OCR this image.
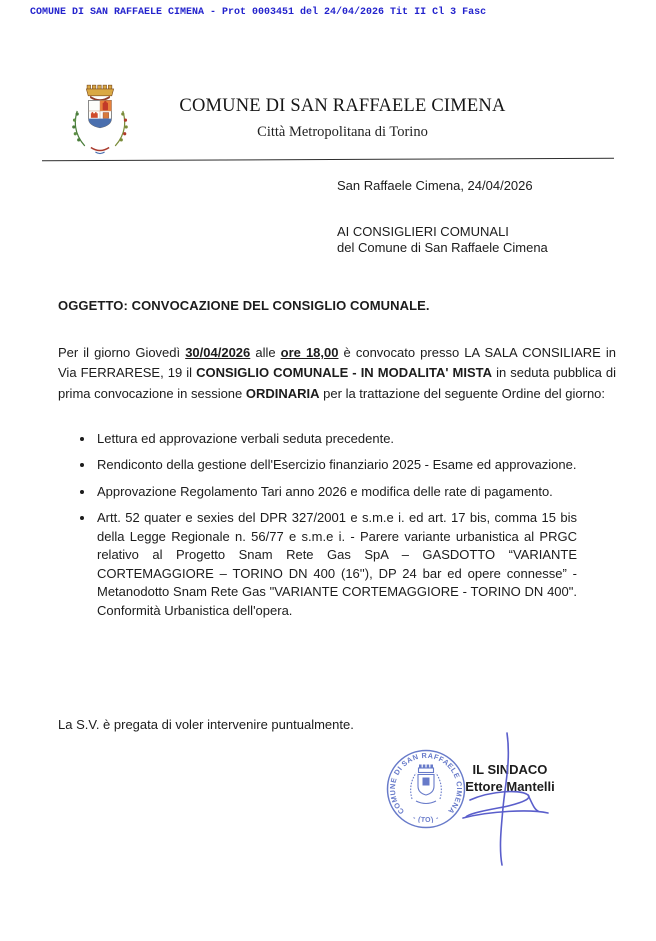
COMUNE DI SAN RAFFAELE CIMENA - Prot 0003451 del 24/04/2026 Tit II Cl 3 Fasc
COMUNE DI SAN RAFFAELE CIMENA
Città Metropolitana di Torino
San Raffaele Cimena, 24/04/2026
AI CONSIGLIERI COMUNALI
del Comune di San Raffaele Cimena
OGGETTO: CONVOCAZIONE DEL CONSIGLIO COMUNALE.

Per il giorno Giovedì 30/04/2026 alle ore 18,00 è convocato presso LA SALA CONSILIARE in Via FERRARESE, 19 il CONSIGLIO COMUNALE - IN MODALITA' MISTA in seduta pubblica di prima convocazione in sessione ORDINARIA per la trattazione del seguente Ordine del giorno:

• Lettura ed approvazione verbali seduta precedente.
• Rendiconto della gestione dell'Esercizio finanziario 2025 - Esame ed approvazione.
• Approvazione Regolamento Tari anno 2026 e modifica delle rate di pagamento.
• Artt. 52 quater e sexies del DPR 327/2001 e s.m.e i. ed art. 17 bis, comma 15 bis della Legge Regionale n. 56/77 e s.m.e i. - Parere variante urbanistica al PRGC relativo al Progetto Snam Rete Gas SpA – GASDOTTO “VARIANTE CORTEMAGGIORE – TORINO DN 400 (16''), DP 24 bar ed opere connesse” - Metanodotto Snam Rete Gas "VARIANTE CORTEMAGGIORE - TORINO DN 400". Conformità Urbanistica dell'opera.
La S.V. è pregata di voler intervenire puntualmente.
COMUNE DI SAN RAFFAELE CIMENA
- (TO) -
IL SINDACO
Ettore Mantelli
